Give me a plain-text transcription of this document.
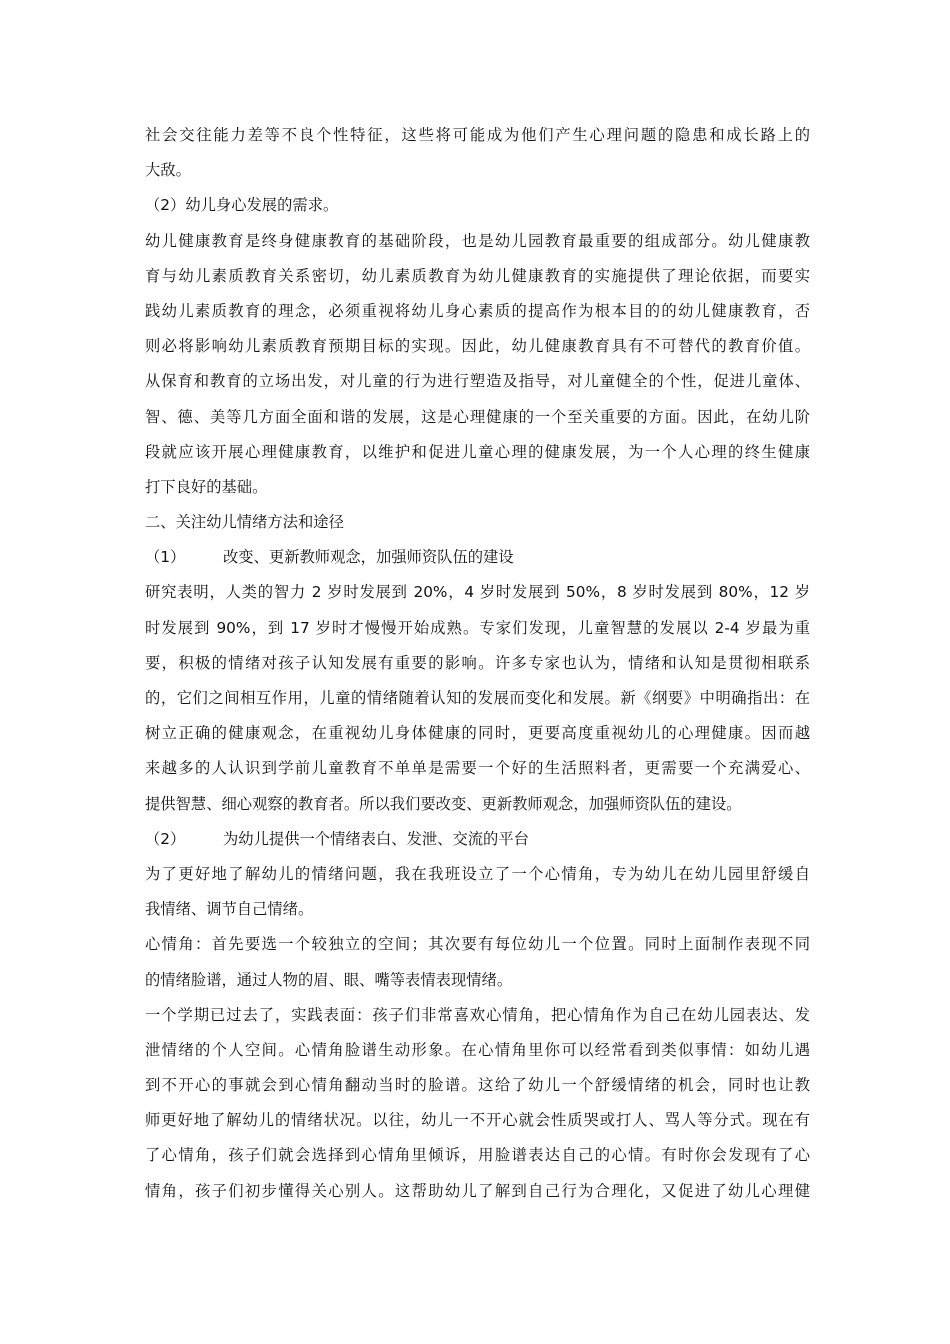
社会交往能力差等不良个性特征，这些将可能成为他们产生心理问题的隐患和成长路上的
大敌。
（2）幼儿身心发展的需求。
幼儿健康教育是终身健康教育的基础阶段，也是幼儿园教育最重要的组成部分。幼儿健康教
育与幼儿素质教育关系密切，幼儿素质教育为幼儿健康教育的实施提供了理论依据，而要实
践幼儿素质教育的理念，必须重视将幼儿身心素质的提高作为根本目的的幼儿健康教育，否
则必将影响幼儿素质教育预期目标的实现。因此，幼儿健康教育具有不可替代的教育价值。
从保育和教育的立场出发，对儿童的行为进行塑造及指导，对儿童健全的个性，促进儿童体、
智、德、美等几方面全面和谐的发展，这是心理健康的一个至关重要的方面。因此，在幼儿阶
段就应该开展心理健康教育，以维护和促进儿童心理的健康发展，为一个人心理的终生健康
打下良好的基础。
二、关注幼儿情绪方法和途径
（1） 改变、更新教师观念，加强师资队伍的建设
研究表明，人类的智力 2 岁时发展到 20%，4 岁时发展到 50%，8 岁时发展到 80%，12 岁
时发展到 90%，到 17 岁时才慢慢开始成熟。专家们发现，儿童智慧的发展以 2-4 岁最为重
要，积极的情绪对孩子认知发展有重要的影响。许多专家也认为，情绪和认知是贯彻相联系
的，它们之间相互作用，儿童的情绪随着认知的发展而变化和发展。新《纲要》中明确指出：在
树立正确的健康观念，在重视幼儿身体健康的同时，更要高度重视幼儿的心理健康。因而越
来越多的人认识到学前儿童教育不单单是需要一个好的生活照料者，更需要一个充满爱心、
提供智慧、细心观察的教育者。所以我们要改变、更新教师观念，加强师资队伍的建设。
（2） 为幼儿提供一个情绪表白、发泄、交流的平台
为了更好地了解幼儿的情绪问题，我在我班设立了一个心情角，专为幼儿在幼儿园里舒缓自
我情绪、调节自己情绪。
心情角：首先要选一个较独立的空间；其次要有每位幼儿一个位置。同时上面制作表现不同
的情绪脸谱，通过人物的眉、眼、嘴等表情表现情绪。
一个学期已过去了，实践表面：孩子们非常喜欢心情角，把心情角作为自己在幼儿园表达、发
泄情绪的个人空间。心情角脸谱生动形象。在心情角里你可以经常看到类似事情：如幼儿遇
到不开心的事就会到心情角翻动当时的脸谱。这给了幼儿一个舒缓情绪的机会，同时也让教
师更好地了解幼儿的情绪状况。以往，幼儿一不开心就会性质哭或打人、骂人等分式。现在有
了心情角，孩子们就会选择到心情角里倾诉，用脸谱表达自己的心情。有时你会发现有了心
情角，孩子们初步懂得关心别人。这帮助幼儿了解到自己行为合理化，又促进了幼儿心理健
